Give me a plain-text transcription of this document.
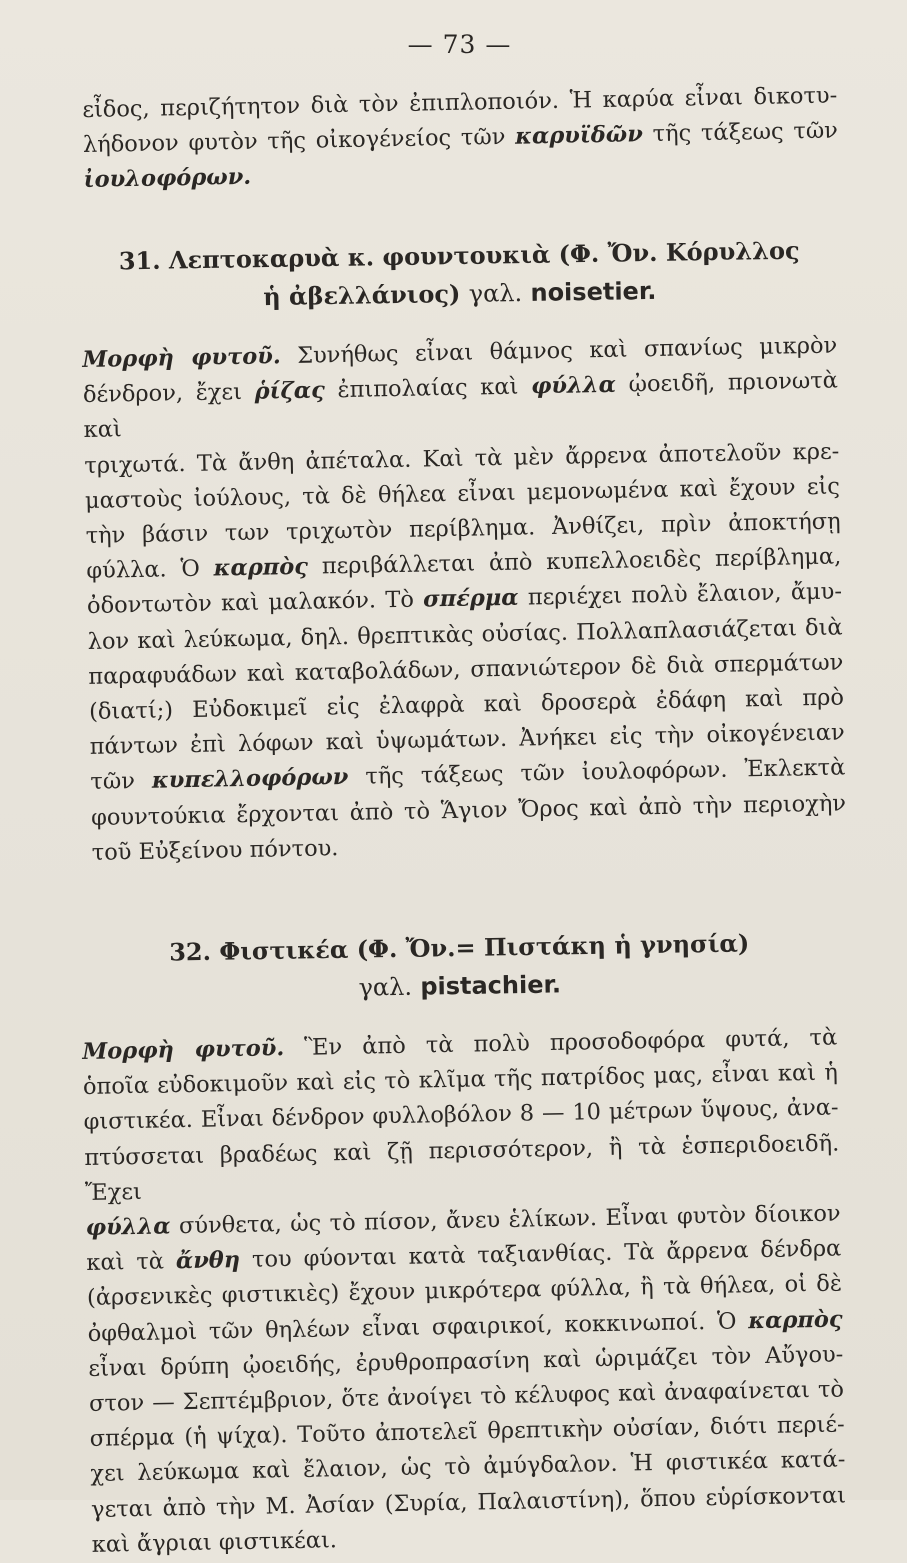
— 73 —

εἶδος, περιζήτητον διὰ τὸν ἐπιπλοποιόν. Ἡ καρύα εἶναι δικοτυ-
λήδονον φυτὸν τῆς οἰκογένείος τῶν καρυϊδῶν τῆς τάξεως τῶν
ἰουλοφόρων.

31. Λεπτοκαρυὰ κ. φουντουκιὰ (Φ. Ὄν. Κόρυλλος
ἡ ἀβελλάνιος) γαλ. noisetier.

Μορφὴ φυτοῦ. Συνήθως εἶναι θάμνος καὶ σπανίως μικρὸν
δένδρον, ἔχει ῥίζας ἐπιπολαίας καὶ φύλλα ᾠοειδῆ, πριονωτὰ καὶ
τριχωτά. Τὰ ἄνθη ἀπέταλα. Καὶ τὰ μὲν ἄρρενα ἀποτελοῦν κρε-
μαστοὺς ἰούλους, τὰ δὲ θήλεα εἶναι μεμονωμένα καὶ ἔχουν εἰς
τὴν βάσιν των τριχωτὸν περίβλημα. Ἀνθίζει, πρὶν ἀποκτήσῃ
φύλλα. Ὁ καρπὸς περιβάλλεται ἀπὸ κυπελλοειδὲς περίβλημα,
ὀδοντωτὸν καὶ μαλακόν. Τὸ σπέρμα περιέχει πολὺ ἔλαιον, ἄμυ-
λον καὶ λεύκωμα, δηλ. θρεπτικὰς οὐσίας. Πολλαπλασιάζεται διὰ
παραφυάδων καὶ καταβολάδων, σπανιώτερον δὲ διὰ σπερμάτων
(διατί;) Εὐδοκιμεῖ εἰς ἐλαφρὰ καὶ δροσερὰ ἐδάφη καὶ πρὸ
πάντων ἐπὶ λόφων καὶ ὑψωμάτων. Ἀνήκει εἰς τὴν οἰκογένειαν
τῶν κυπελλοφόρων τῆς τάξεως τῶν ἰουλοφόρων. Ἐκλεκτὰ
φουντούκια ἔρχονται ἀπὸ τὸ Ἅγιον Ὄρος καὶ ἀπὸ τὴν περιοχὴν
τοῦ Εὐξείνου πόντου.

32. Φιστικέα (Φ. Ὄν.= Πιστάκη ἡ γνησία)
γαλ. pistachier.

Μορφὴ φυτοῦ. Ἓν ἀπὸ τὰ πολὺ προσοδοφόρα φυτά, τὰ
ὁποῖα εὐδοκιμοῦν καὶ εἰς τὸ κλῖμα τῆς πατρίδος μας, εἶναι καὶ ἡ
φιστικέα. Εἶναι δένδρον φυλλοβόλον 8 — 10 μέτρων ὕψους, ἀνα-
πτύσσεται βραδέως καὶ ζῇ περισσότερον, ἢ τὰ ἑσπεριδοειδῆ. Ἔχει
φύλλα σύνθετα, ὡς τὸ πίσον, ἄνευ ἑλίκων. Εἶναι φυτὸν δίοικον
καὶ τὰ ἄνθη του φύονται κατὰ ταξιανθίας. Τὰ ἄρρενα δένδρα
(ἀρσενικὲς φιστικιὲς) ἔχουν μικρότερα φύλλα, ἢ τὰ θήλεα, οἱ δὲ
ὀφθαλμοὶ τῶν θηλέων εἶναι σφαιρικοί, κοκκινωποί. Ὁ καρπὸς
εἶναι δρύπη ᾠοειδής, ἐρυθροπρασίνη καὶ ὡριμάζει τὸν Αὔγου-
στον — Σεπτέμβριον, ὅτε ἀνοίγει τὸ κέλυφος καὶ ἀναφαίνεται τὸ
σπέρμα (ἡ ψίχα). Τοῦτο ἀποτελεῖ θρεπτικὴν οὐσίαν, διότι περιέ-
χει λεύκωμα καὶ ἔλαιον, ὡς τὸ ἀμύγδαλον. Ἡ φιστικέα κατά-
γεται ἀπὸ τὴν Μ. Ἀσίαν (Συρία, Παλαιστίνη), ὅπου εὑρίσκονται
καὶ ἄγριαι φιστικέαι.
